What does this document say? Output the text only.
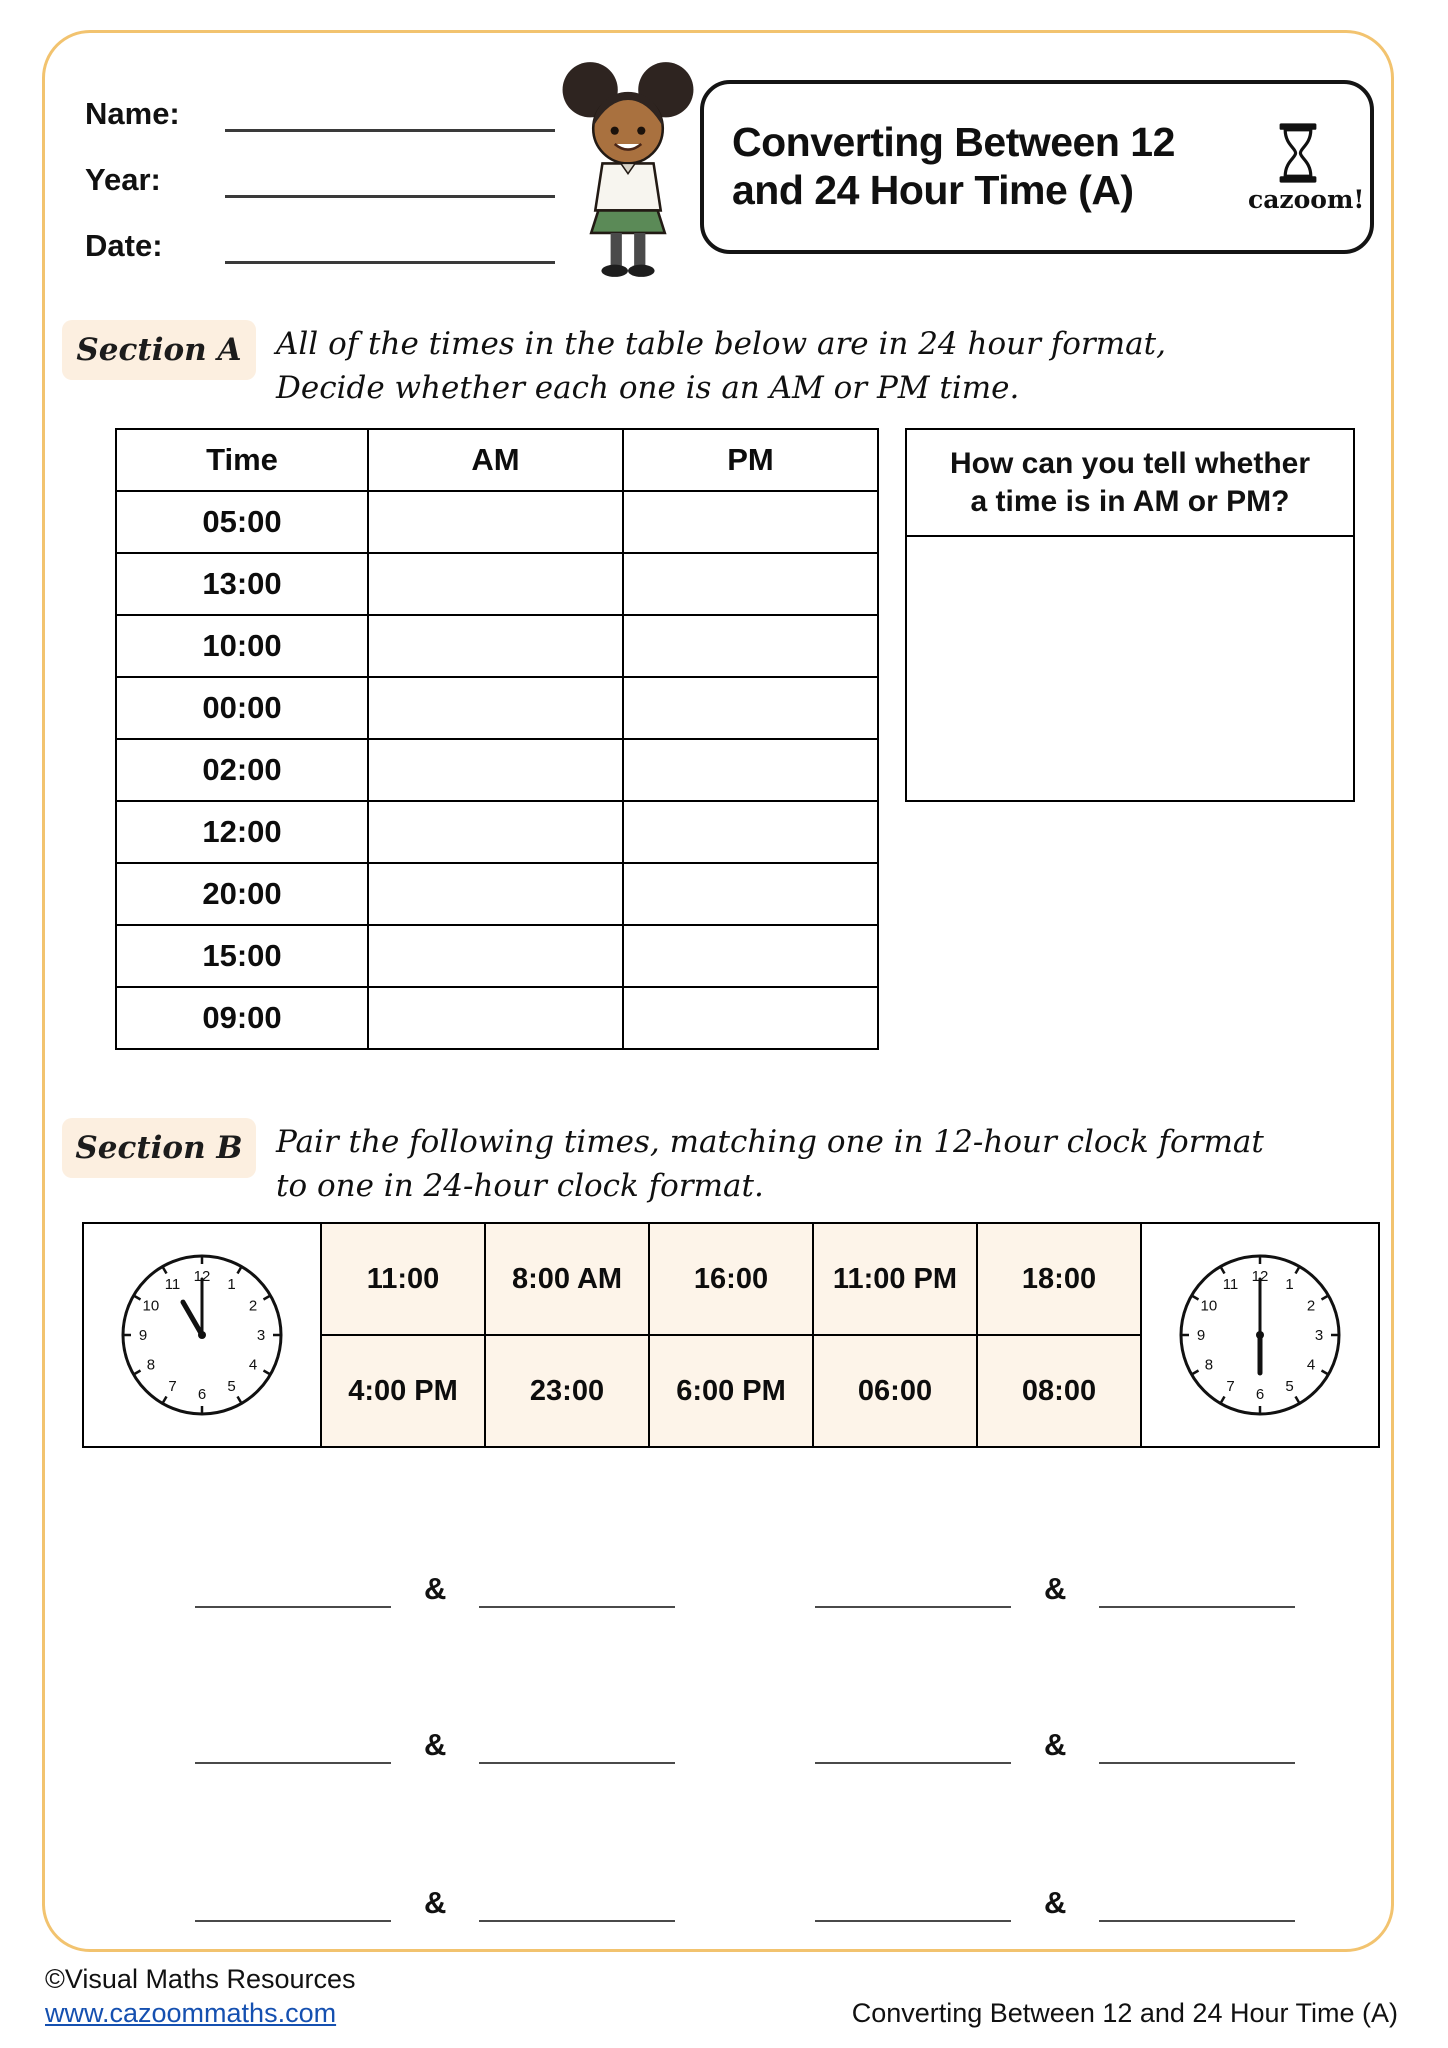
Name:
Year:
Date:
Converting Between 12
and 24 Hour Time (A)	cazoom!
Section A	All of the times in the table below are in 24 hour format,
Decide whether each one is an AM or PM time.
Time	AM	PM
05:00		
13:00		
10:00		
00:00		
02:00		
12:00		
20:00		
15:00		
09:00		
How can you tell whether
a time is in AM or PM?
Section B	Pair the following times, matching one in 12-hour clock format
to one in 24-hour clock format.
12 1
2
3
4
5
6
7
8
9
10
11	11:00	8:00 AM	16:00	11:00 PM	18:00	12 1
2
3
4
5
6
7
8
9
10
11

	4:00 PM	23:00	6:00 PM	06:00	08:00	
&	&
&	&
&	&
©Visual Maths Resources
www.cazoommaths.com	Converting Between 12 and 24 Hour Time (A)
